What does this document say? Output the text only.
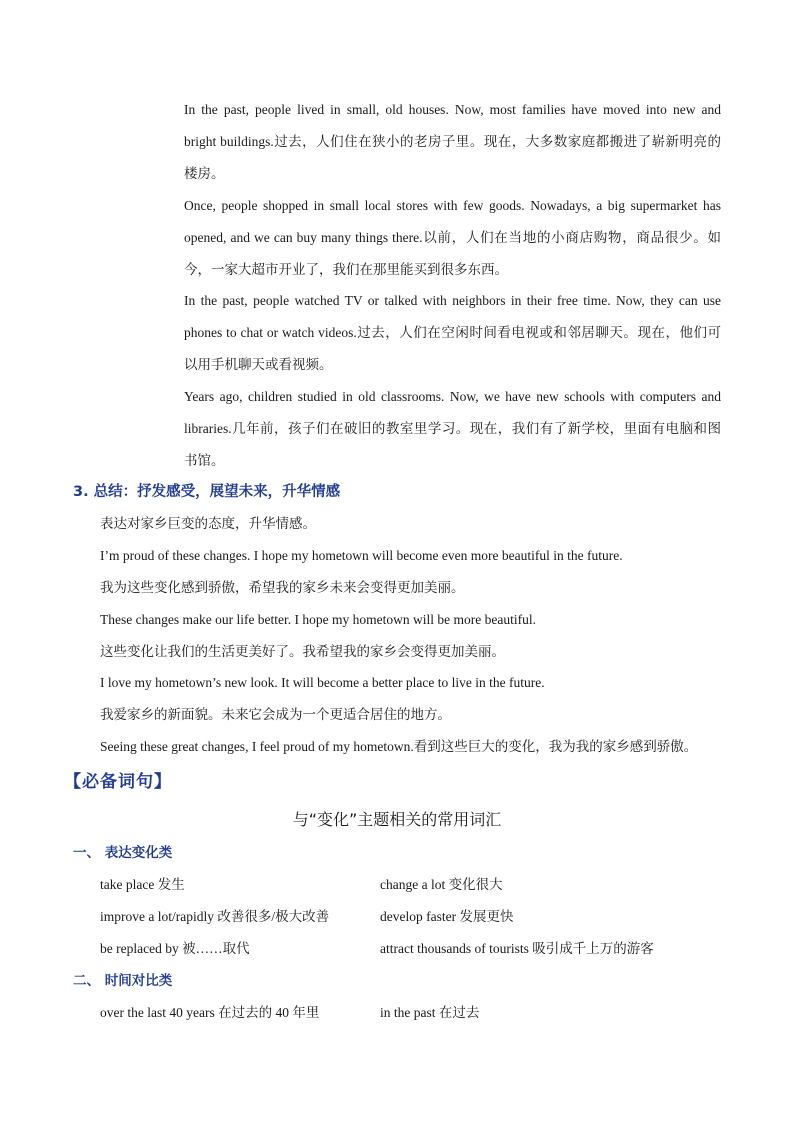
In the past, people lived in small, old houses. Now, most families have moved into new and
bright buildings.过去，人们住在狭小的老房子里。现在，大多数家庭都搬进了崭新明亮的
楼房。
Once, people shopped in small local stores with few goods. Nowadays, a big supermarket has
opened, and we can buy many things there.以前，人们在当地的小商店购物，商品很少。如
今，一家大超市开业了，我们在那里能买到很多东西。
In the past, people watched TV or talked with neighbors in their free time. Now, they can use
phones to chat or watch videos.过去，人们在空闲时间看电视或和邻居聊天。现在，他们可
以用手机聊天或看视频。
Years ago, children studied in old classrooms. Now, we have new schools with computers and
libraries.几年前，孩子们在破旧的教室里学习。现在，我们有了新学校，里面有电脑和图
书馆。
3. 总结：抒发感受，展望未来，升华情感
表达对家乡巨变的态度，升华情感。
I’m proud of these changes. I hope my hometown will become even more beautiful in the future.
我为这些变化感到骄傲，希望我的家乡未来会变得更加美丽。
These changes make our life better. I hope my hometown will be more beautiful.
这些变化让我们的生活更美好了。我希望我的家乡会变得更加美丽。
I love my hometown’s new look. It will become a better place to live in the future.
我爱家乡的新面貌。未来它会成为一个更适合居住的地方。
Seeing these great changes, I feel proud of my hometown.看到这些巨大的变化，我为我的家乡感到骄傲。
【必备词句】
与“变化”主题相关的常用词汇
一、 表达变化类
take place 发生	change a lot 变化很大
improve a lot/rapidly 改善很多/极大改善	develop faster 发展更快
be replaced by 被……取代	attract thousands of tourists 吸引成千上万的游客
二、 时间对比类
over the last 40 years 在过去的 40 年里	in the past 在过去
